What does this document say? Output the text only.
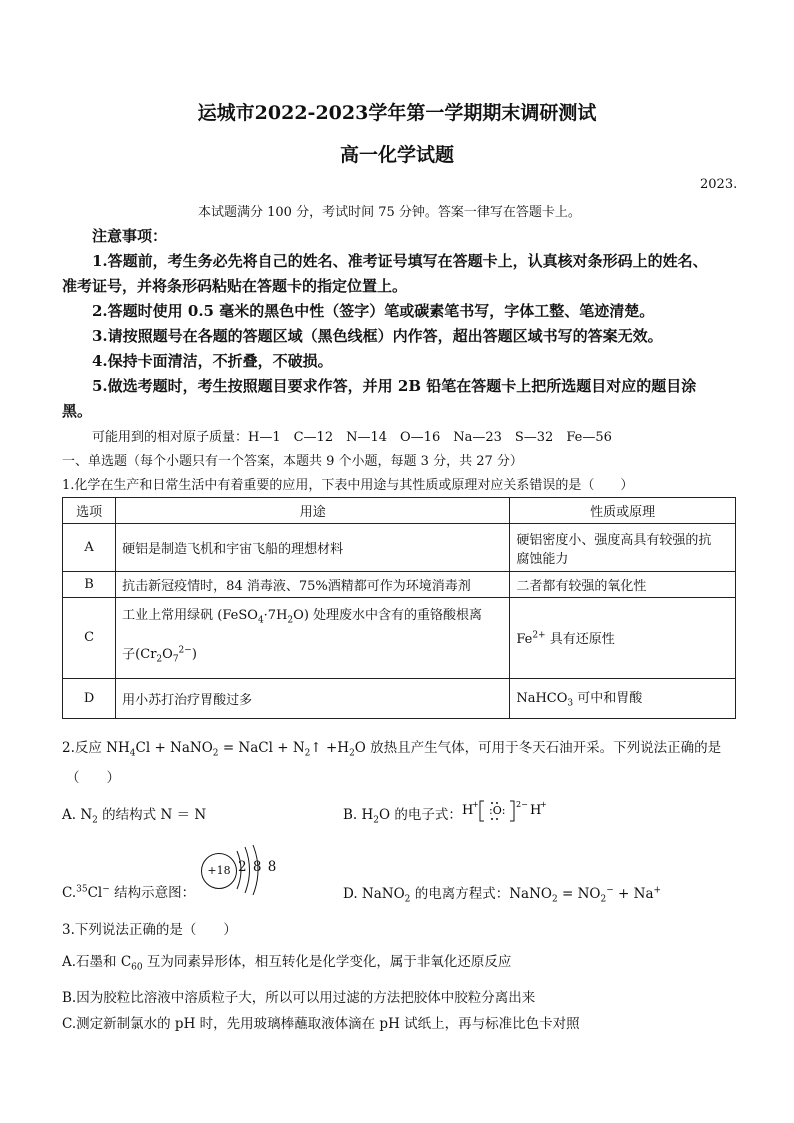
运城市2022-2023学年第一学期期末调研测试
高一化学试题
2023.
本试题满分 100 分，考试时间 75 分钟。答案一律写在答题卡上。
注意事项：
1.答题前，考生务必先将自己的姓名、准考证号填写在答题卡上，认真核对条形码上的姓名、
准考证号，并将条形码粘贴在答题卡的指定位置上。
2.答题时使用 0.5 毫米的黑色中性（签字）笔或碳素笔书写，字体工整、笔迹清楚。
3.请按照题号在各题的答题区域（黑色线框）内作答，超出答题区域书写的答案无效。
4.保持卡面清洁，不折叠，不破损。
5.做选考题时，考生按照题目要求作答，并用 2B 铅笔在答题卡上把所选题目对应的题目涂
黑。
可能用到的相对原子质量：H—1　C—12　N—14　O—16　Na—23　S—32　Fe—56
一、单选题（每个小题只有一个答案，本题共 9 个小题，每题 3 分，共 27 分）
1.化学在生产和日常生活中有着重要的应用，下表中用途与其性质或原理对应关系错误的是（　　）
选项	用途	性质或原理
A	硬铝是制造飞机和宇宙飞船的理想材料	硬铝密度小、强度高具有较强的抗
腐蚀能力
B	抗击新冠疫情时，84 消毒液、75%酒精都可作为环境消毒剂	二者都有较强的氧化性
C	工业上常用绿矾 $(FeSO_4\cdot 7H_2O)$ 处理废水中含有的重铬酸根离
子$(Cr_2O_7^{2-})$	$Fe^{2+}$ 具有还原性
D	用小苏打治疗胃酸过多	NaHCO$_3$ 可中和胃酸
2.反应 $NH_4Cl$ + NaNO$_2$ = NaCl + $N_2↑ +H_2O$ 放热且产生气体，可用于冬天石油开采。下列说法正确的是
（　　）
A. $N_2$ 的结构式 N ＝ N	B. $H_2O$ 的电子式： H
+ :O: 2− H
+
C.$^{35}$Cl− 结构示意图：
+18 2 8 8
D. NaNO$_2$ 的电离方程式：NaNO$_2$ = $NO_2^- + Na^+$
3.下列说法正确的是（　　）
A.石墨和 $C_{60}$ 互为同素异形体，相互转化是化学变化，属于非氧化还原反应
B.因为胶粒比溶液中溶质粒子大，所以可以用过滤的方法把胶体中胶粒分离出来
C.测定新制氯水的 pH 时，先用玻璃棒蘸取液体滴在 pH 试纸上，再与标准比色卡对照
